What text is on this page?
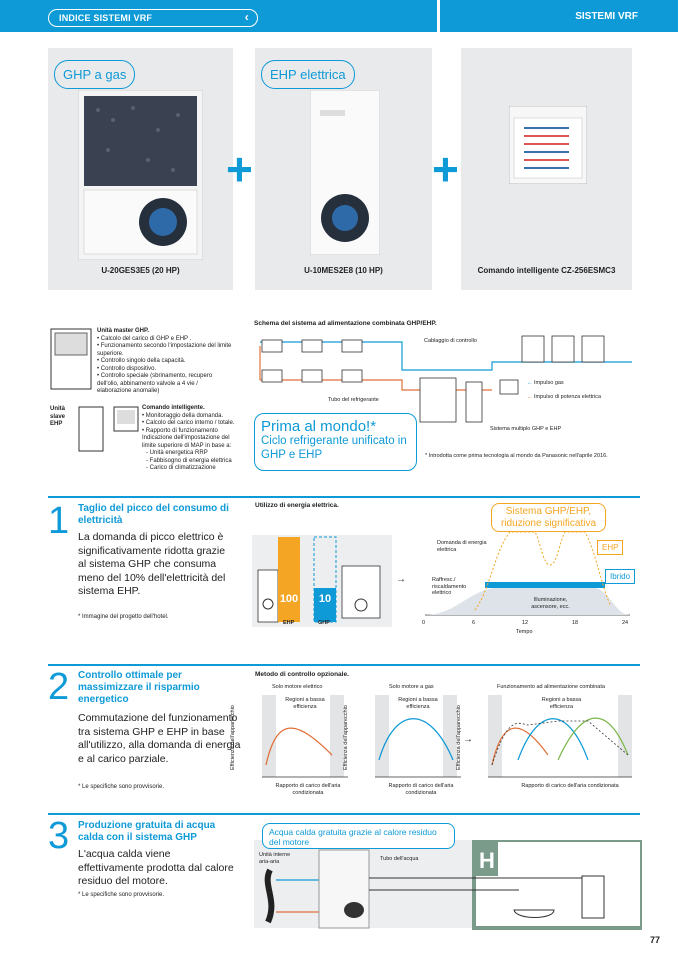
INDICE SISTEMI VRF	‹	SISTEMI VRF
GHP a gas
U-20GES3E5 (20 HP)
+
EHP elettrica
U-10MES2E8 (10 HP)
+
Comando intelligente CZ-256ESMC3
Unità master GHP.
• Calcolo del carico di GHP e EHP .
• Funzionamento secondo l'impostazione del limite superiore.
• Controllo singolo della capacità.
• Controllo dispositivo.
• Controllo speciale (sbrinamento, recupero dell'olio, abbinamento valvole a 4 vie / elaborazione anomalie)
Unità slave EHP
Comando intelligente.
• Monitoraggio della domanda.
• Calcolo del carico interno / totale.
• Rapporto di funzionamento Indicazione dell'impostazione del limite superiore di MAP in base a:
- Unità energetica RRP
- Fabbisogno di energia elettrica
- Carico di climatizzazione
Schema del sistema ad alimentazione combinata GHP/EHP.
Cablaggio di controllo
Tubo del refrigerante
← Impulso gas
← Impulso di potenza elettrica
Sistema multiplo GHP e EHP
Prima al mondo!*
Ciclo refrigerante unificato in GHP e EHP	* Introdotta come prima tecnologia al mondo da Panasonic nell'aprile 2016.
1 Taglio del picco del consumo di elettricità
La domanda di picco elettrico è significativamente ridotta grazie al sistema GHP che consuma meno del 10% dell'elettricità del sistema EHP.
* Immagine del progetto dell'hotel.
Utilizzo di energia elettrica.
100 10
EHP	GHP
→
Sistema GHP/EHP, riduzione significativa
Domanda di energia elettrica
Raffresc./ riscaldamento elettrico
Illuminazione, ascensore, ecc.
EHP
Ibrido
0	6	12	18	24
Tempo
2 Controllo ottimale per massimizzare il risparmio energetico
Commutazione del funzionamento tra sistema GHP e EHP in base all'utilizzo, alla domanda di energia e al carico parziale.
* Le specifiche sono provvisorie.
Metodo di controllo opzionale.
Solo motore elettrico	Solo motore a gas	Funzionamento ad alimentazione combinata
→
Regioni a bassa efficienza
Regioni a bassa efficienza
Regioni a bassa efficienza
Efficienza dell'apparecchio	Efficienza dell'apparecchio	Efficienza dell'apparecchio
Rapporto di carico dell'aria condizionata
Rapporto di carico dell'aria condizionata
Rapporto di carico dell'aria condizionata
3 Produzione gratuita di acqua calda con il sistema GHP
L'acqua calda viene effettivamente prodotta dal calore residuo del motore.
* Le specifiche sono provvisorie.
H
Acqua calda gratuita grazie al calore residuo del motore
Unità interne aria-aria	Tubo dell'acqua
77
